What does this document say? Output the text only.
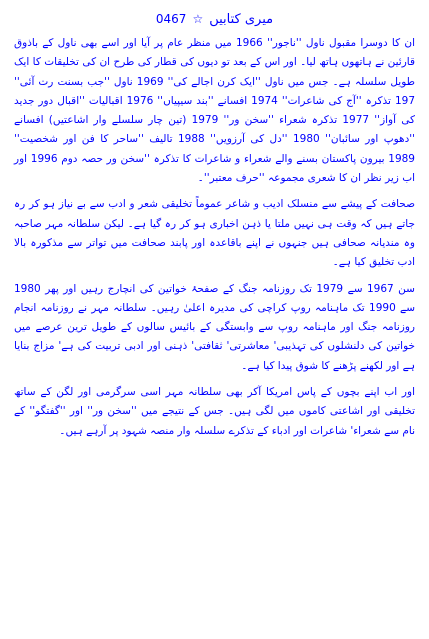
0467 ☆ میری کتابیں

ان کا دوسرا مقبول ناول ''ناجور'' 1966 میں منظر عام پر آیا اور اسے بھی ناول کے باذوق قارئین نے ہاتھوں ہاتھ لیا۔ اور اس کے بعد تو دیوں کی قطار کی طرح ان کی تخلیقات کا ایک طویل سلسلہ ہے۔ جس میں ناول ''ایک کرن اجالے کی'' 1969 ناول ''جب بسنت رت آئی'' 197 تذکرہ ''آج کی شاعرات'' 1974 افسانے ''بند سیپیاں'' 1976 اقبالیات ''اقبال دور جدید کی آواز'' 1977 تذکرہ شعراء ''سخن ور'' 1979 (تین چار سلسلے وار اشاعتیں) افسانے ''دھوپ اور سائبان'' 1980 ''دل کی آرزویں'' 1988 تالیف ''ساحر کا فن اور شخصیت'' 1989 بیرون پاکستان بسنے والے شعراء و شاعرات کا تذکرہ ''سخن ور حصہ دوم 1996 اور اب زیر نظر ان کا شعری مجموعہ ''حرف معتبر''۔

صحافت کے پیشے سے منسلک ادیب و شاعر عموماً تخلیقی شعر و ادب سے بے نیاز ہو کر رہ جاتے ہیں کہ وقت ہی نہیں ملتا یا ذہن اخباری ہو کر رہ گیا ہے۔ لیکن سلطانہ مہر صاحبہ وہ مندیانہ صحافی ہیں جنہوں نے اپنے باقاعدہ اور پابند صحافت میں تواتر سے مذکورہ بالا ادب تخلیق کیا ہے۔

سن 1967 سے 1979 تک روزنامہ جنگ کے صفحۂ خواتین کی انچارج رہیں اور پھر 1980 سے 1990 تک ماہنامہ روپ کراچی کی مدیرہ اعلیٰ رہیں۔ سلطانہ مہر نے روزنامہ انجام روزنامہ جنگ اور ماہنامہ روپ سے وابستگی کے بائیس سالوں کے طویل ترین عرصے میں خواتین کی دلنشلوں کی تہذیبی' معاشرتی' ثقافتی' ذہنی اور ادبی تربیت کی ہے' مزاج بنایا ہے اور لکھنے پڑھنے کا شوق پیدا کیا ہے۔

اور اب اپنے بچوں کے پاس امریکا آکر بھی سلطانہ مہر اسی سرگرمی اور لگن کے ساتھ تخلیقی اور اشاعتی کاموں میں لگی ہیں۔ جس کے نتیجے میں ''سخن ور'' اور ''گفتگو'' کے نام سے شعراء' شاعرات اور ادباء کے تذکرے سلسلہ وار منصہ شہود پر آرہے ہیں۔
